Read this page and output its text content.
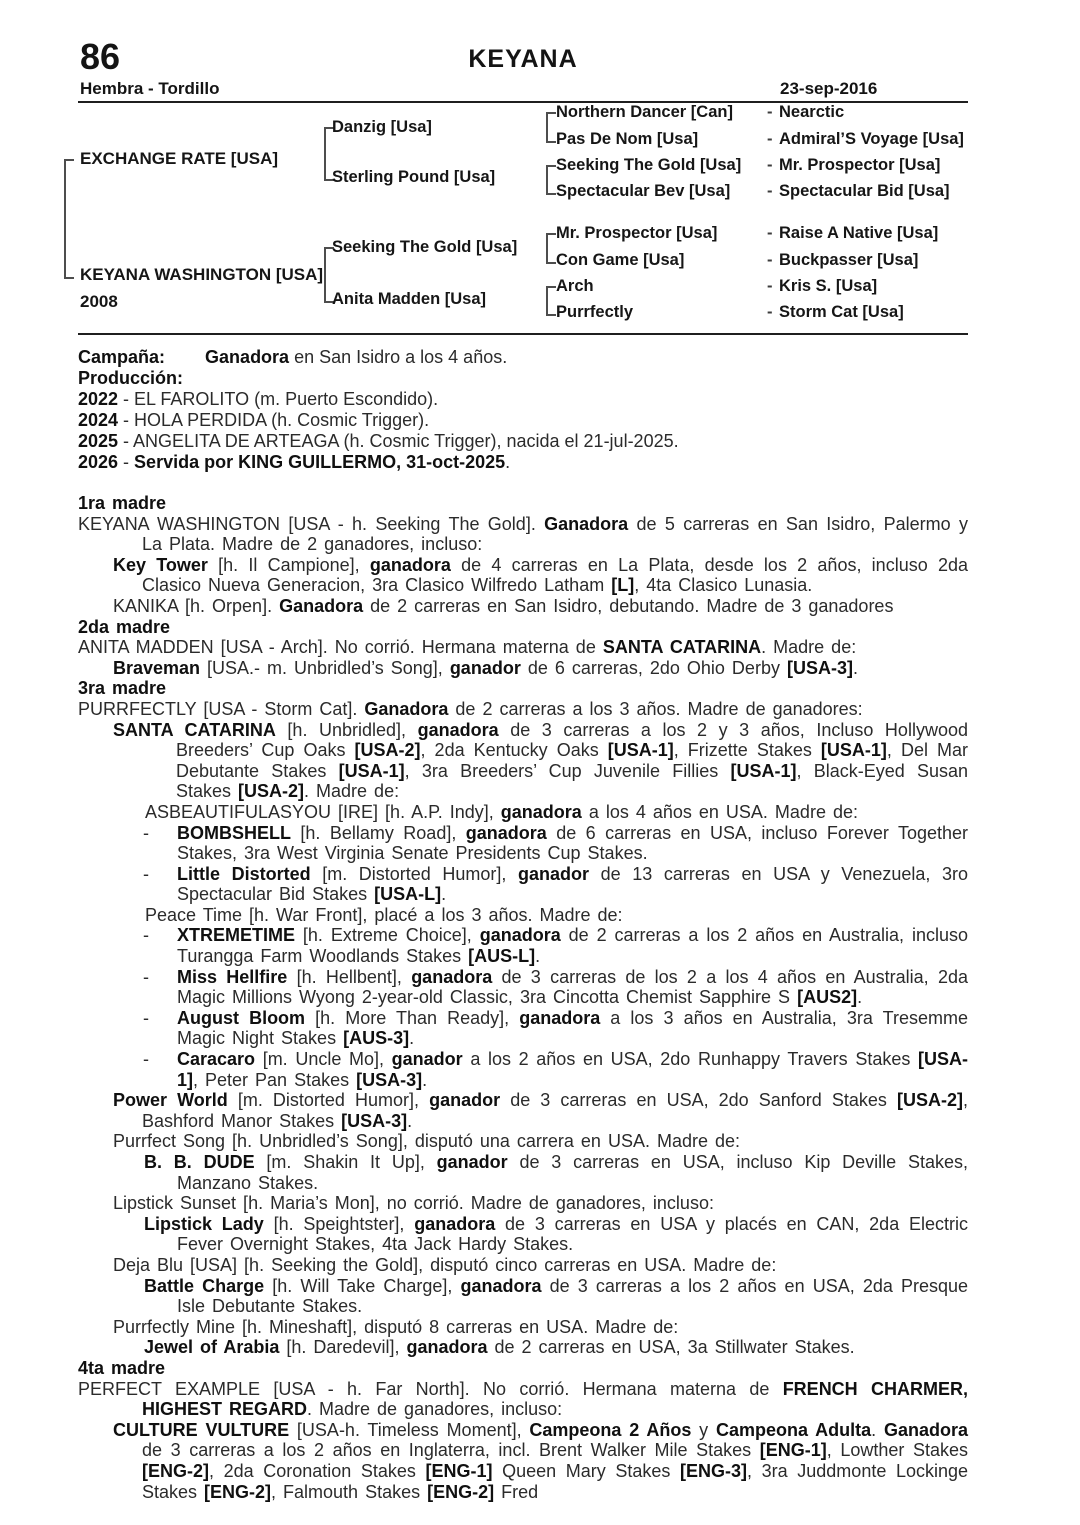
86	KEYANA
Hembra - Tordillo	23-sep-2016
EXCHANGE RATE [USA]
KEYANA WASHINGTON [USA]
2008
Danzig [Usa]
Sterling Pound [Usa]
Seeking The Gold [Usa]
Anita Madden [Usa]
Northern Dancer [Can]
Pas De Nom [Usa]
Seeking The Gold [Usa]
Spectacular Bev [Usa]
Mr. Prospector [Usa]
Con Game [Usa]
Arch
Purrfectly
- Nearctic
- Admiral’S Voyage [Usa]
- Mr. Prospector [Usa]
- Spectacular Bid [Usa]
- Raise A Native [Usa]
- Buckpasser [Usa]
- Kris S. [Usa]
- Storm Cat [Usa]
Campaña: Ganadora en San Isidro a los 4 años.
Producción:
2022 - EL FAROLITO (m. Puerto Escondido).
2024 - HOLA PERDIDA (h. Cosmic Trigger).
2025 - ANGELITA DE ARTEAGA (h. Cosmic Trigger), nacida el 21-jul-2025.
2026 - Servida por KING GUILLERMO, 31-oct-2025.
1ra madre
KEYANA WASHINGTON [USA - h. Seeking The Gold]. Ganadora de 5 carreras en San Isidro, Palermo y La Plata. Madre de 2 ganadores, incluso:
Key Tower [h. Il Campione], ganadora de 4 carreras en La Plata, desde los 2 años, incluso 2da Clasico Nueva Generacion, 3ra Clasico Wilfredo Latham [L], 4ta Clasico Lunasia.
KANIKA [h. Orpen]. Ganadora de 2 carreras en San Isidro, debutando. Madre de 3 ganadores
2da madre
ANITA MADDEN [USA - Arch]. No corrió. Hermana materna de SANTA CATARINA. Madre de:
Braveman [USA.- m. Unbridled’s Song], ganador de 6 carreras, 2do Ohio Derby [USA-3].
3ra madre
PURRFECTLY [USA - Storm Cat]. Ganadora de 2 carreras a los 3 años. Madre de ganadores:
SANTA CATARINA [h. Unbridled], ganadora de 3 carreras a los 2 y 3 años, Incluso Hollywood Breeders’ Cup Oaks [USA-2], 2da Kentucky Oaks [USA-1], Frizette Stakes [USA-1], Del Mar Debutante Stakes [USA-1], 3ra Breeders’ Cup Juvenile Fillies [USA-1], Black-Eyed Susan Stakes [USA-2]. Madre de:
ASBEAUTIFULASYOU [IRE] [h. A.P. Indy], ganadora a los 4 años en USA. Madre de:
- BOMBSHELL [h. Bellamy Road], ganadora de 6 carreras en USA, incluso Forever Together Stakes, 3ra West Virginia Senate Presidents Cup Stakes.
- Little Distorted [m. Distorted Humor], ganador de 13 carreras en USA y Venezuela, 3ro Spectacular Bid Stakes [USA-L].
Peace Time [h. War Front], placé a los 3 años. Madre de:
- XTREMETIME [h. Extreme Choice], ganadora de 2 carreras a los 2 años en Australia, incluso Turangga Farm Woodlands Stakes [AUS-L].
- Miss Hellfire [h. Hellbent], ganadora de 3 carreras de los 2 a los 4 años en Australia, 2da Magic Millions Wyong 2-year-old Classic, 3ra Cincotta Chemist Sapphire S [AUS2].
- August Bloom [h. More Than Ready], ganadora a los 3 años en Australia, 3ra Tresemme Magic Night Stakes [AUS-3].
- Caracaro [m. Uncle Mo], ganador a los 2 años en USA, 2do Runhappy Travers Stakes [USA-1], Peter Pan Stakes [USA-3].
Power World [m. Distorted Humor], ganador de 3 carreras en USA, 2do Sanford Stakes [USA-2], Bashford Manor Stakes [USA-3].
Purrfect Song [h. Unbridled’s Song], disputó una carrera en USA. Madre de:
B. B. DUDE [m. Shakin It Up], ganador de 3 carreras en USA, incluso Kip Deville Stakes, Manzano Stakes.
Lipstick Sunset [h. Maria’s Mon], no corrió. Madre de ganadores, incluso:
Lipstick Lady [h. Speightster], ganadora de 3 carreras en USA y placés en CAN, 2da Electric Fever Overnight Stakes, 4ta Jack Hardy Stakes.
Deja Blu [USA] [h. Seeking the Gold], disputó cinco carreras en USA. Madre de:
Battle Charge [h. Will Take Charge], ganadora de 3 carreras a los 2 años en USA, 2da Presque Isle Debutante Stakes.
Purrfectly Mine [h. Mineshaft], disputó 8 carreras en USA. Madre de:
Jewel of Arabia [h. Daredevil], ganadora de 2 carreras en USA, 3a Stillwater Stakes.
4ta madre
PERFECT EXAMPLE [USA - h. Far North]. No corrió. Hermana materna de FRENCH CHARMER, HIGHEST REGARD. Madre de ganadores, incluso:
CULTURE VULTURE [USA-h. Timeless Moment], Campeona 2 Años y Campeona Adulta. Ganadora de 3 carreras a los 2 años en Inglaterra, incl. Brent Walker Mile Stakes [ENG-1], Lowther Stakes [ENG-2], 2da Coronation Stakes [ENG-1] Queen Mary Stakes [ENG-3], 3ra Juddmonte Lockinge Stakes [ENG-2], Falmouth Stakes [ENG-2] Fred
